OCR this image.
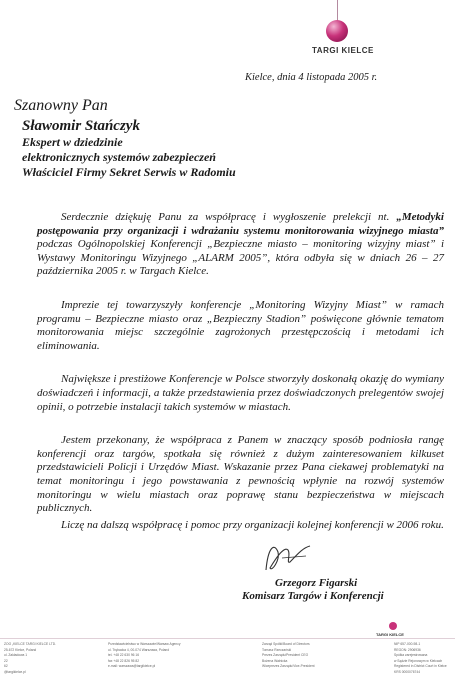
TARGI KIELCE
Kielce, dnia 4 listopada 2005 r.
Szanowny Pan
Sławomir Stańczyk
Ekspert w dziedzinie
elektronicznych systemów zabezpieczeń
Właściciel Firmy Sekret Serwis w Radomiu

Serdecznie dziękuję Panu za współpracę i wygłoszenie prelekcji nt. „Metodyki postępowania przy organizacji i wdrażaniu systemu monitorowania wizyjnego miasta” podczas Ogólnopolskiej Konferencji „Bezpieczne miasto – monitoring wizyjny miast” i Wystawy Monitoringu Wizyjnego „ALARM 2005”, która odbyła się w dniach 26 – 27 października 2005 r. w Targach Kielce.

Imprezie tej towarzyszyły konferencje „Monitoring Wizyjny Miast” w ramach programu – Bezpieczne miasto oraz „Bezpieczny Stadion” poświęcone głównie tematom monitorowania miejsc szczególnie zagrożonych przestępczością i metodami ich eliminowania.

Największe i prestiżowe Konferencje w Polsce stworzyły doskonałą okazję do wymiany doświadczeń i informacji, a także przedstawienia przez doświadczonych prelegentów swojej opinii, o potrzebie instalacji takich systemów w miastach.

Jestem przekonany, że współpraca z Panem w znaczący sposób podniosła rangę konferencji oraz targów, spotkała się również z dużym zainteresowaniem kilkuset przedstawicieli Policji i Urzędów Miast. Wskazanie przez Pana ciekawej problematyki na temat monitoringu i jego powstawania z pewnością wpłynie na rozwój systemów monitoringu w wielu miastach oraz poprawę stanu bezpieczeństwa w miejscach publicznych.

Liczę na dalszą współpracę i pomoc przy organizacji kolejnej konferencji w 2006 roku.

Grzegorz Figarski
Komisarz Targów i Konferencji
TARGI KIELCE
ZOO „KIELCE TARGI KIELCE LTD.
25-672 Kielce, Poland
ul. Zakładowa 1
22
62
@targikielce.pl
Przedstawicielstwo w Warszawie/Warsaw Agency
ul. Trębacka 4, 00-074 Warszawa, Poland
tel. +48 22 630 96 16
fax +48 22 826 95 82
e-mail: warszawa@targikielce.pl
Zarząd Spółki/Board of Directors
Tomasz Rzeczański
Prezes Zarządu/President CEO
Bożena Walnicka
Wiceprezes Zarządu/Vice-President
NIP 657-000-98-1
REGON: 2906936
Spółka zarejestrowana
w Sądzie Rejonowym w Kielcach
Registered in District Court in Kielce
KRS 0000076744
